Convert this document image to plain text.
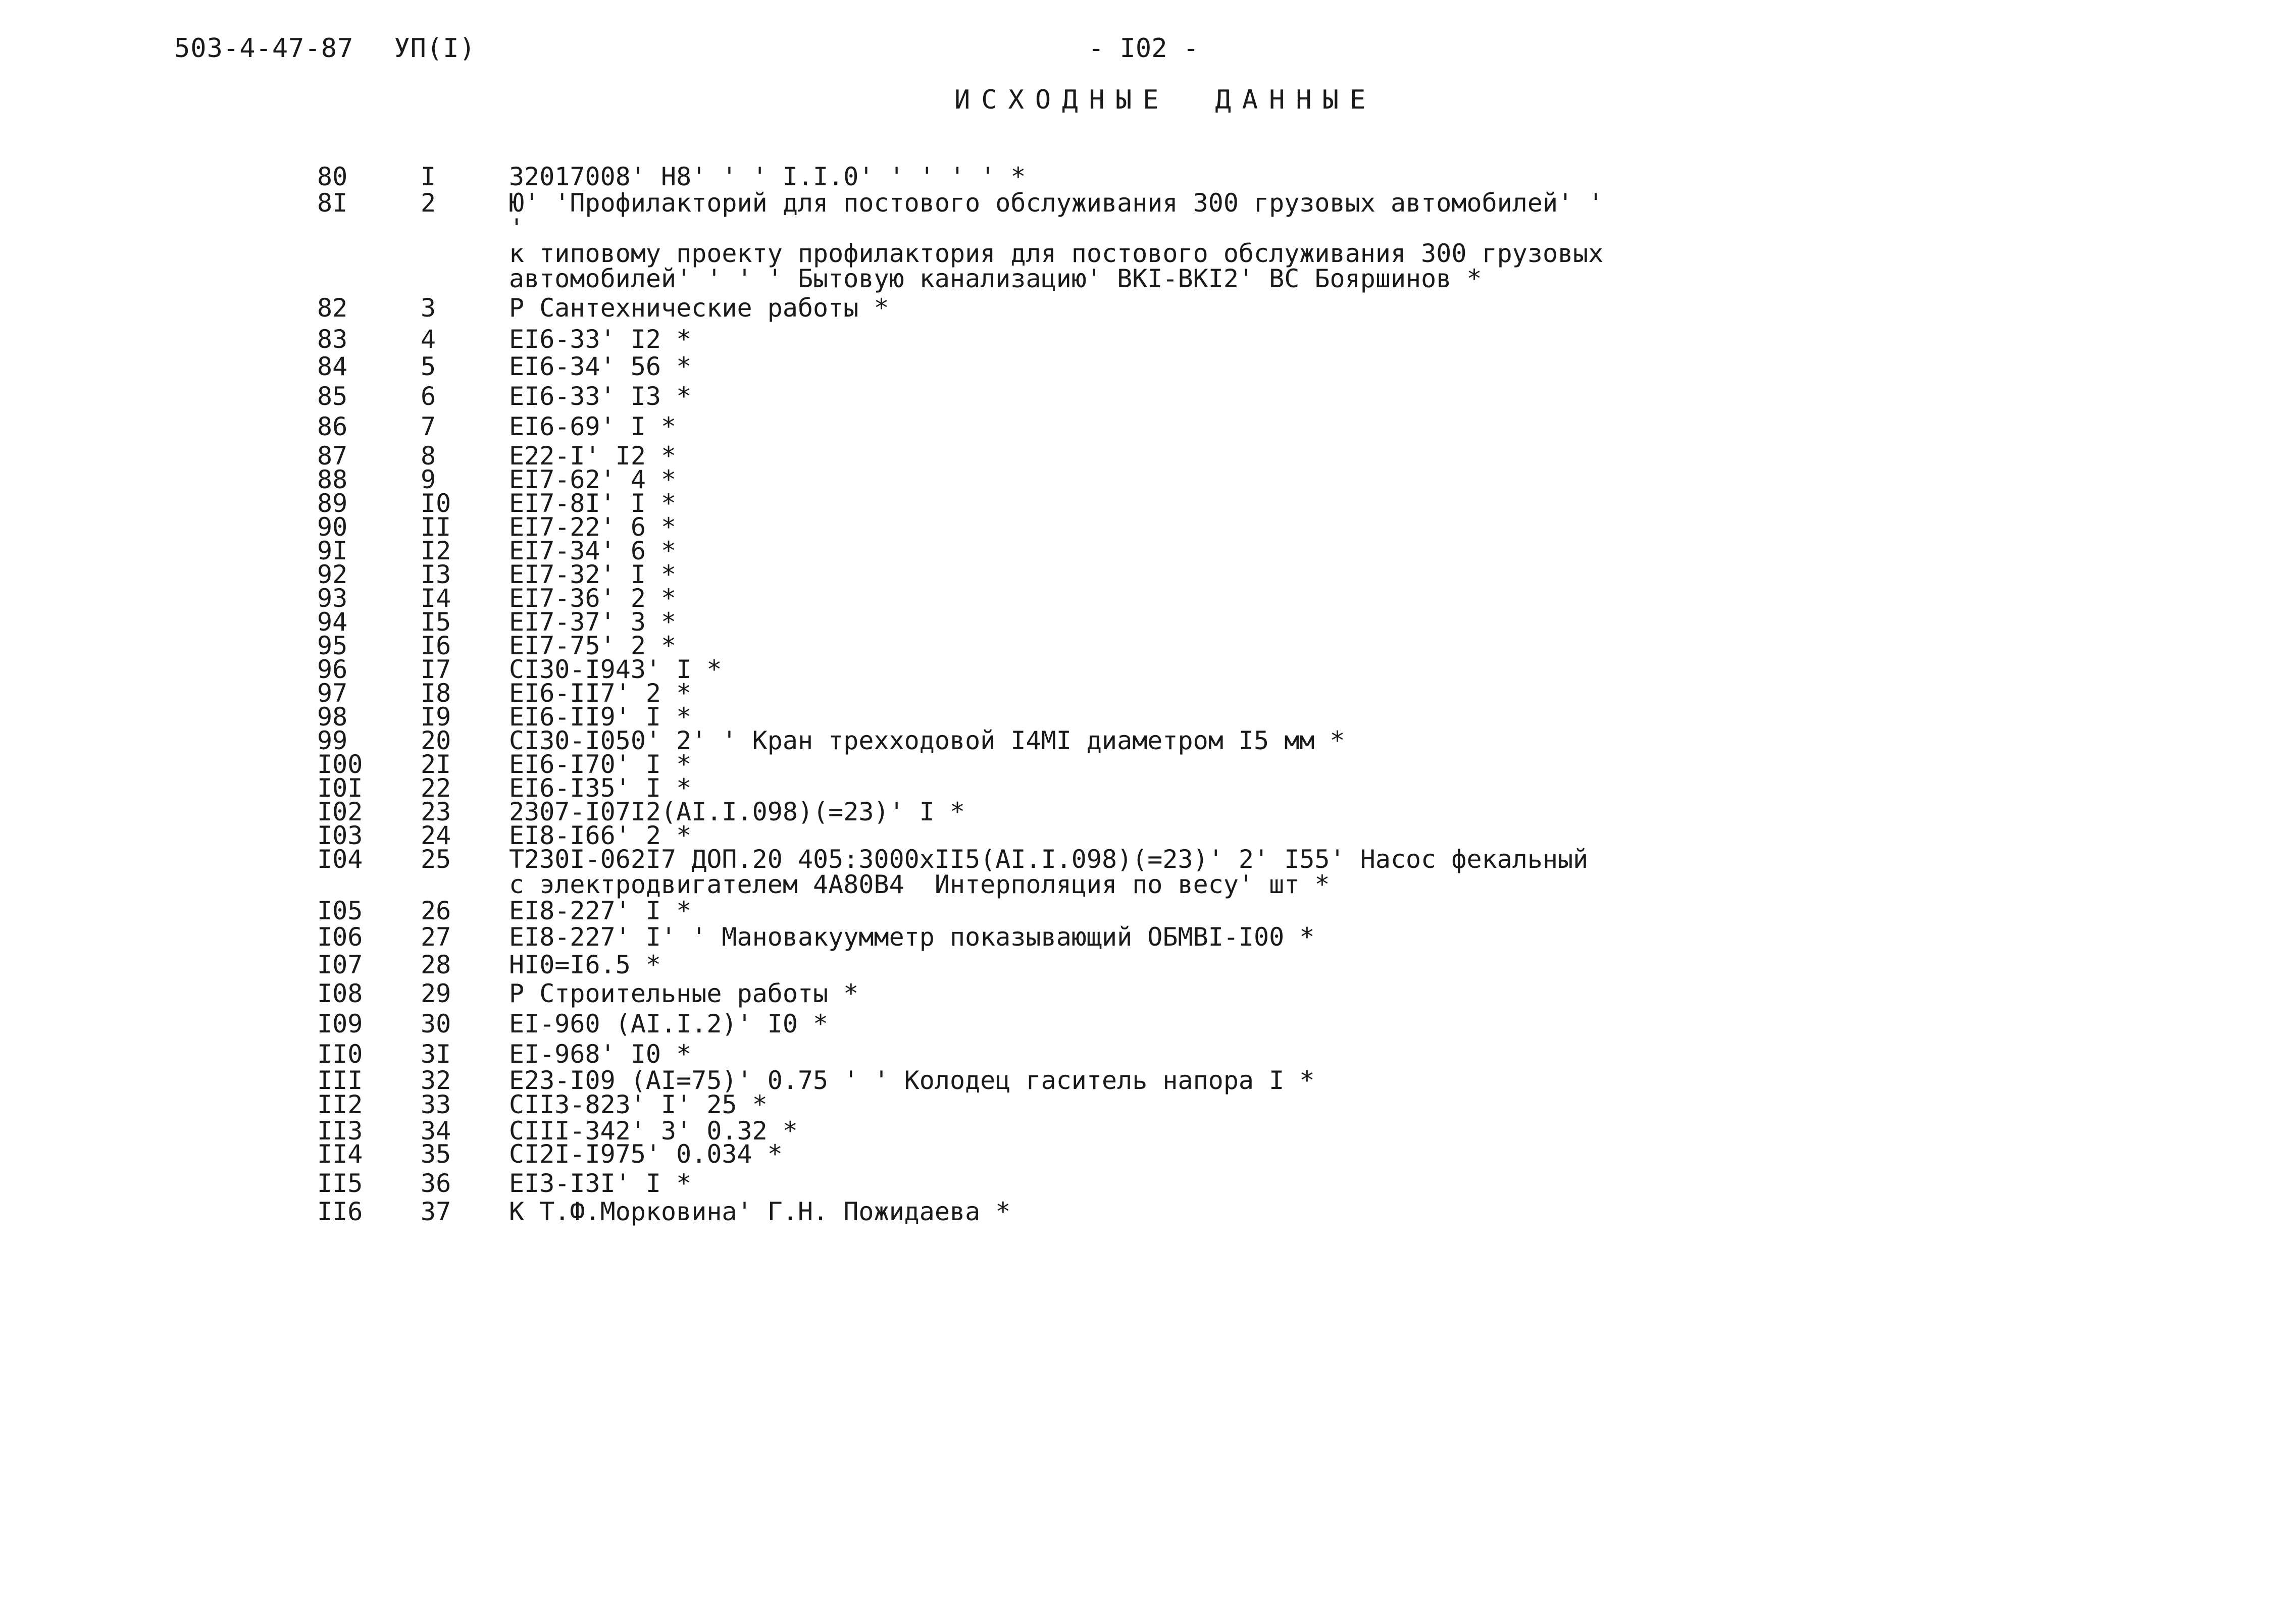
503-4-47-87 УП(I)	- I02 -
ИСХОДНЫЕ ДАННЫЕ
80	I	32017008' Н8' ' ' I.I.0' ' ' ' ' *
8I	2	Ю' 'Профилакторий для постового обслуживания 300 грузовых автомобилей' ' '
к типовому проекту профилактория для постового обслуживания 300 грузовых
автомобилей' ' ' ' Бытовую канализацию' ВКI-ВКI2' ВС Бояршинов *
82	3	Р Сантехнические работы *
83	4	ЕI6-33' I2 *
84	5	ЕI6-34' 56 *
85	6	ЕI6-33' I3 *
86	7	ЕI6-69' I *
87	8	Е22-I' I2 *
88	9	ЕI7-62' 4 *
89	I0 ЕI7-8I' I *
90	II ЕI7-22' 6 *
9I	I2 ЕI7-34' 6 *
92	I3 ЕI7-32' I *
93	I4 ЕI7-36' 2 *
94	I5 ЕI7-37' 3 *
95	I6 ЕI7-75' 2 *
96	I7 СI30-I943' I *
97	I8 ЕI6-II7' 2 *
98	I9 ЕI6-II9' I *
99	20 СI30-I050' 2' ' Кран трехходовой I4МI диаметром I5 мм *
I00 2I ЕI6-I70' I *
I0I 22 ЕI6-I35' I *
I02 23 2307-I07I2(АI.I.098)(=23)' I *
I03 24 ЕI8-I66' 2 *
I04 25 Т230I-062I7 ДОП.20 405:3000хII5(АI.I.098)(=23)' 2' I55' Насос фекальный
с электродвигателем 4А80В4  Интерполяция по весу' шт *
I05 26 ЕI8-227' I *
I06 27 ЕI8-227' I' ' Мановакуумметр показывающий ОБМВI-I00 *
I07 28 НI0=I6.5 *
I08 29 Р Строительные работы *
I09 30 ЕI-960 (АI.I.2)' I0 *
II0 3I ЕI-968' I0 *
III 32 Е23-I09 (АI=75)' 0.75 ' ' Колодец гаситель напора I *
II2 33 СII3-823' I' 25 *
II3 34 СIII-342' 3' 0.32 *
II4 35 СI2I-I975' 0.034 *
II5 36 ЕI3-I3I' I *
II6 37 К Т.Ф.Морковина' Г.Н. Пожидаева *
